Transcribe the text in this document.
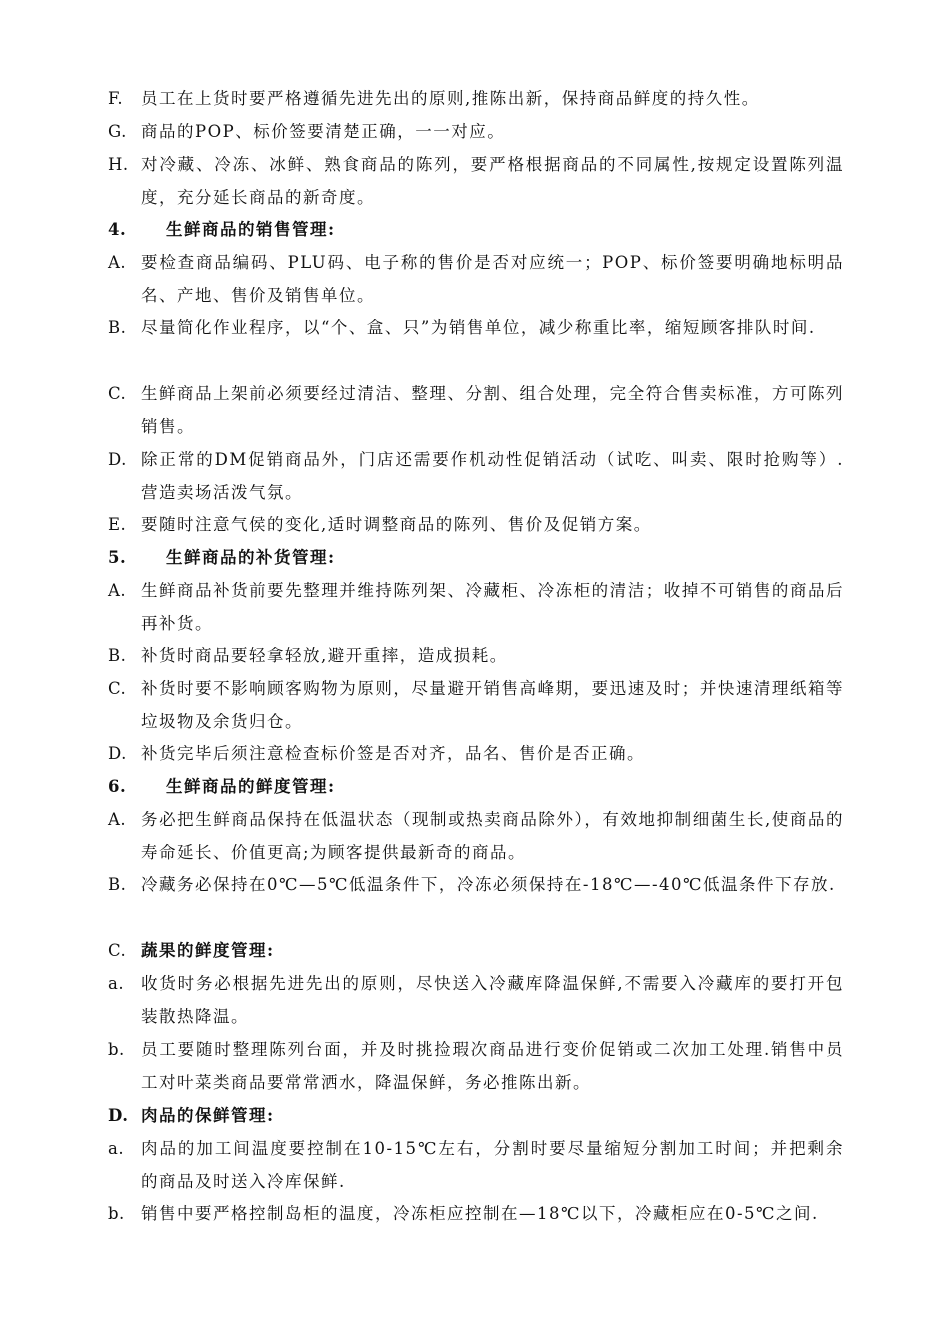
F.	员工在上货时要严格遵循先进先出的原则,推陈出新，保持商品鲜度的持久性。
G. 商品的POP、标价签要清楚正确，一一对应。
H. 对冷藏、冷冻、冰鲜、熟食商品的陈列，要严格根据商品的不同属性,按规定设置陈列温度，充分延长商品的新奇度。
4.	生鲜商品的销售管理:
A. 要检查商品编码、PLU码、电子称的售价是否对应统一；POP、标价签要明确地标明品名、产地、售价及销售单位。
B. 尽量简化作业程序，以“个、盒、只”为销售单位，减少称重比率，缩短顾客排队时间.
C. 生鲜商品上架前必须要经过清洁、整理、分割、组合处理，完全符合售卖标准，方可陈列销售。
D. 除正常的DM促销商品外，门店还需要作机动性促销活动（试吃、叫卖、限时抢购等）.营造卖场活泼气氛。
E. 要随时注意气侯的变化,适时调整商品的陈列、售价及促销方案。
5.	生鲜商品的补货管理:
A. 生鲜商品补货前要先整理并维持陈列架、冷藏柜、冷冻柜的清洁；收掉不可销售的商品后再补货。
B. 补货时商品要轻拿轻放,避开重摔，造成损耗。
C. 补货时要不影响顾客购物为原则，尽量避开销售高峰期，要迅速及时；并快速清理纸箱等垃圾物及余货归仓。
D. 补货完毕后须注意检查标价签是否对齐，品名、售价是否正确。
6.	生鲜商品的鲜度管理:
A. 务必把生鲜商品保持在低温状态（现制或热卖商品除外），有效地抑制细菌生长,使商品的寿命延长、价值更高;为顾客提供最新奇的商品。
B. 冷藏务必保持在0℃—5℃低温条件下，冷冻必须保持在-18℃—-40℃低温条件下存放.
C. 蔬果的鲜度管理:
a.	收货时务必根据先进先出的原则，尽快送入冷藏库降温保鲜,不需要入冷藏库的要打开包装散热降温。
b. 员工要随时整理陈列台面，并及时挑捡瑕次商品进行变价促销或二次加工处理.销售中员工对叶菜类商品要常常洒水，降温保鲜，务必推陈出新。
D. 肉品的保鲜管理:
a.	肉品的加工间温度要控制在10-15℃左右，分割时要尽量缩短分割加工时间；并把剩余的商品及时送入冷库保鲜.
b. 销售中要严格控制岛柜的温度，冷冻柜应控制在—18℃以下，冷藏柜应在0-5℃之间.
